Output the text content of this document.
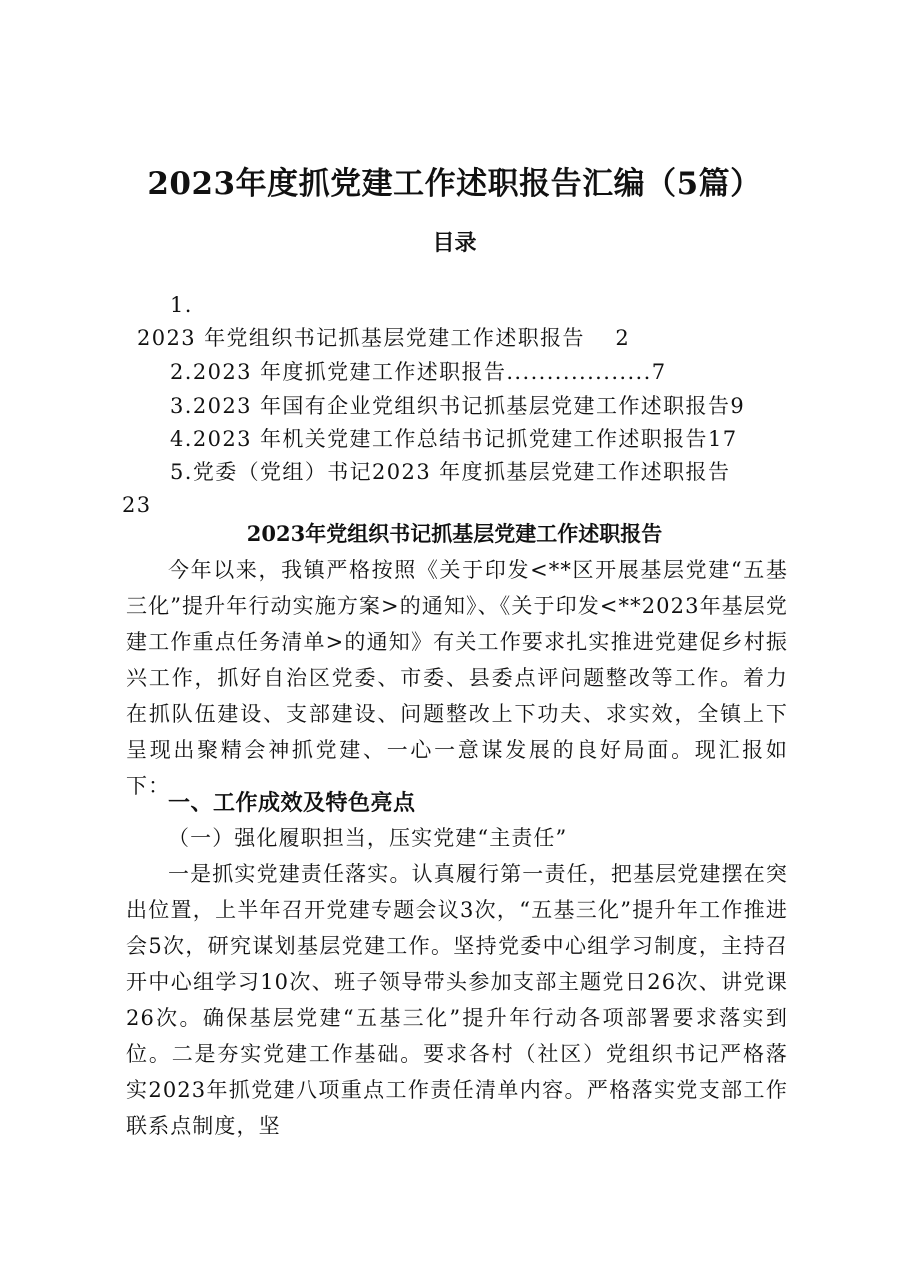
2023年度抓党建工作述职报告汇编（5篇）
目录
1.
2023 年党组织书记抓基层党建工作述职报告　 2
2.2023 年度抓党建工作述职报告..................7
3.2023 年国有企业党组织书记抓基层党建工作述职报告9
4.2023 年机关党建工作总结书记抓党建工作述职报告17
5.党委（党组）书记2023 年度抓基层党建工作述职报告
23
2023年党组织书记抓基层党建工作述职报告

今年以来，我镇严格按照《关于印发<**区开展基层党建“五基三化”提升年行动实施方案>的通知》、《关于印发<**2023年基层党建工作重点任务清单>的通知》有关工作要求扎实推进党建促乡村振兴工作，抓好自治区党委、市委、县委点评问题整改等工作。着力在抓队伍建设、支部建设、问题整改上下功夫、求实效，全镇上下呈现出聚精会神抓党建、一心一意谋发展的良好局面。现汇报如下：

一、工作成效及特色亮点
（一）强化履职担当，压实党建“主责任”

一是抓实党建责任落实。认真履行第一责任，把基层党建摆在突出位置，上半年召开党建专题会议3次，“五基三化”提升年工作推进会5次，研究谋划基层党建工作。坚持党委中心组学习制度，主持召开中心组学习10次、班子领导带头参加支部主题党日26次、讲党课26次。确保基层党建“五基三化”提升年行动各项部署要求落实到位。二是夯实党建工作基础。要求各村（社区）党组织书记严格落实2023年抓党建八项重点工作责任清单内容。严格落实党支部工作联系点制度，坚
